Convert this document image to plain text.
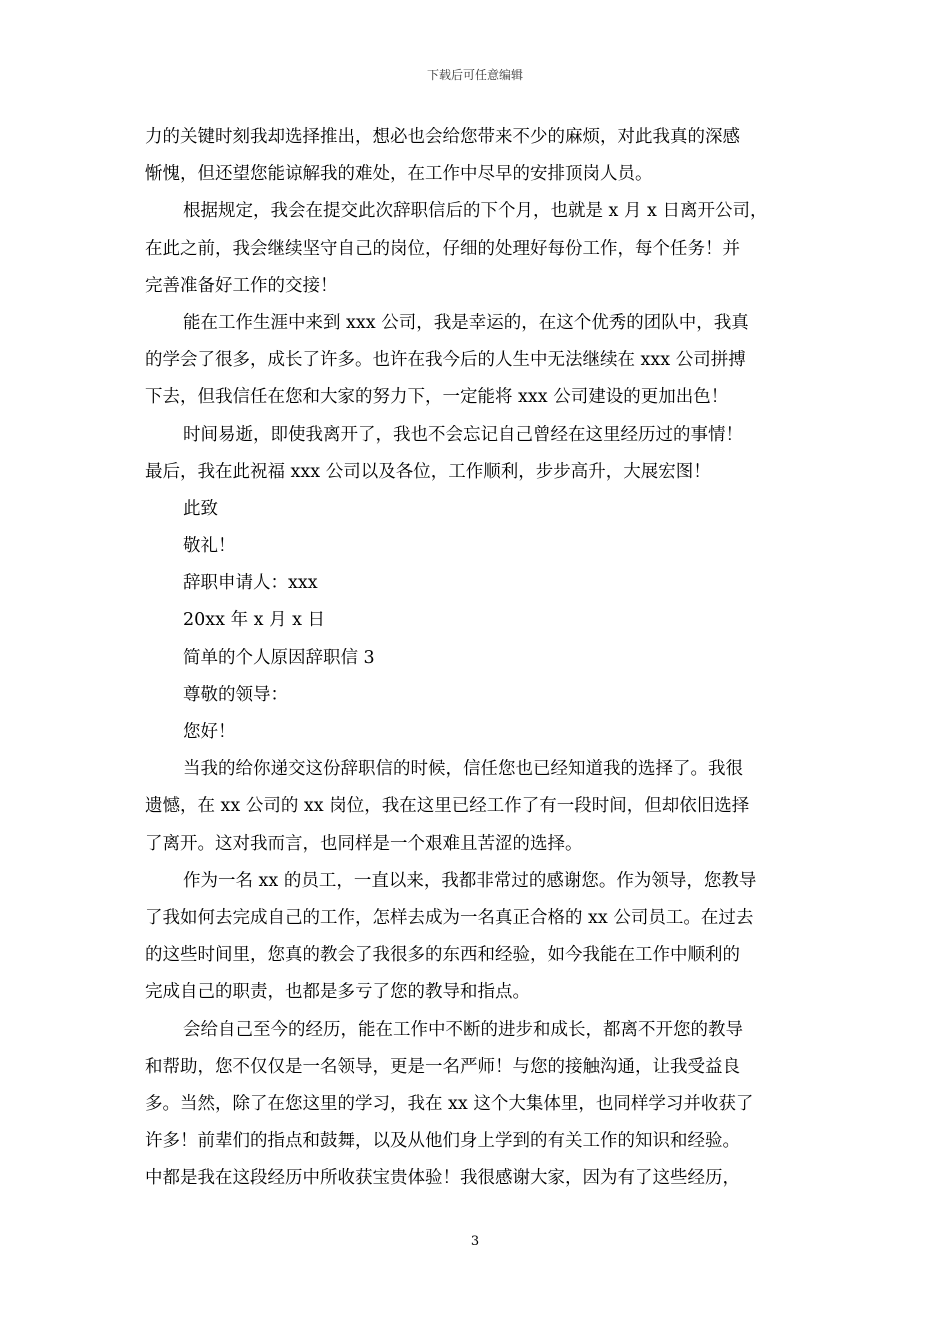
下载后可任意编辑
力的关键时刻我却选择推出，想必也会给您带来不少的麻烦，对此我真的深感
惭愧，但还望您能谅解我的难处，在工作中尽早的安排顶岗人员。
根据规定，我会在提交此次辞职信后的下个月，也就是 x 月 x 日离开公司，
在此之前，我会继续坚守自己的岗位，仔细的处理好每份工作，每个任务！并
完善准备好工作的交接！
能在工作生涯中来到 xxx 公司，我是幸运的，在这个优秀的团队中，我真
的学会了很多，成长了许多。也许在我今后的人生中无法继续在 xxx 公司拼搏
下去，但我信任在您和大家的努力下，一定能将 xxx 公司建设的更加出色！
时间易逝，即使我离开了，我也不会忘记自己曾经在这里经历过的事情！
最后，我在此祝福 xxx 公司以及各位，工作顺利，步步高升，大展宏图！
此致
敬礼！
辞职申请人：xxx
20xx 年 x 月 x 日
简单的个人原因辞职信 3
尊敬的领导：
您好！
当我的给你递交这份辞职信的时候，信任您也已经知道我的选择了。我很
遗憾，在 xx 公司的 xx 岗位，我在这里已经工作了有一段时间，但却依旧选择
了离开。这对我而言，也同样是一个艰难且苦涩的选择。
作为一名 xx 的员工，一直以来，我都非常过的感谢您。作为领导，您教导
了我如何去完成自己的工作，怎样去成为一名真正合格的 xx 公司员工。在过去
的这些时间里，您真的教会了我很多的东西和经验，如今我能在工作中顺利的
完成自己的职责，也都是多亏了您的教导和指点。
会给自己至今的经历，能在工作中不断的进步和成长，都离不开您的教导
和帮助，您不仅仅是一名领导，更是一名严师！与您的接触沟通，让我受益良
多。当然，除了在您这里的学习，我在 xx 这个大集体里，也同样学习并收获了
许多！前辈们的指点和鼓舞，以及从他们身上学到的有关工作的知识和经验。
中都是我在这段经历中所收获宝贵体验！我很感谢大家，因为有了这些经历，
3
